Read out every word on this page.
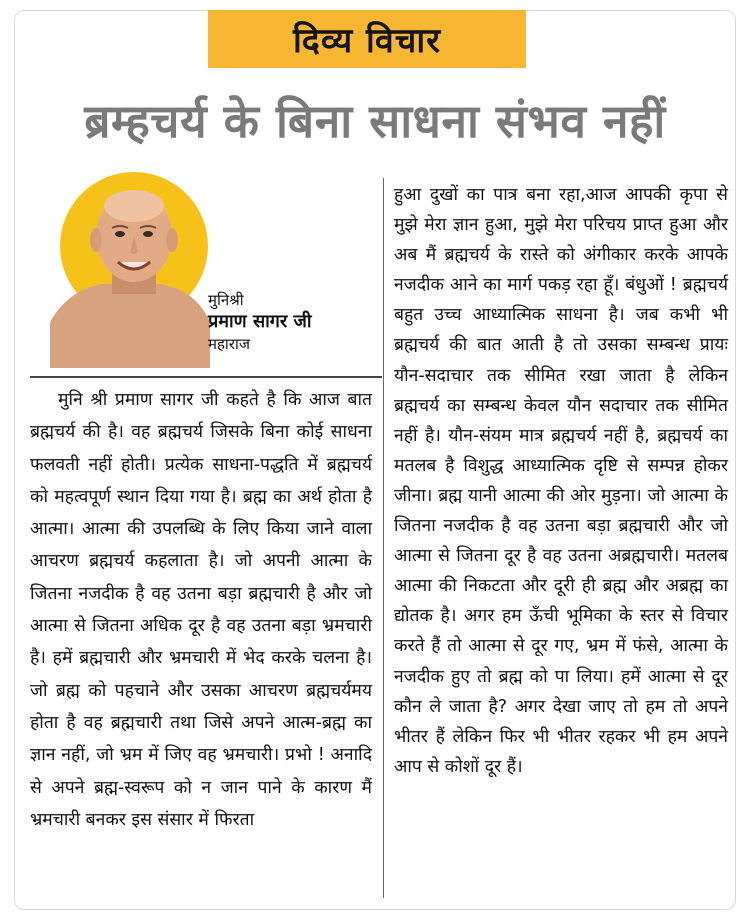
दिव्य विचार
ब्रम्हचर्य के बिना साधना संभव नहीं
मुनिश्री
प्रमाण सागर जी
महाराज

मुनि श्री प्रमाण सागर जी कहते है कि आज बात ब्रह्मचर्य की है। वह ब्रह्मचर्य जिसके बिना कोई साधना फलवती नहीं होती। प्रत्येक साधना-पद्धति में ब्रह्मचर्य को महत्वपूर्ण स्थान दिया गया है। ब्रह्म का अर्थ होता है आत्मा। आत्मा की उपलब्धि के लिए किया जाने वाला आचरण ब्रह्मचर्य कहलाता है। जो अपनी आत्मा के जितना नजदीक है वह उतना बड़ा ब्रह्मचारी है और जो आत्मा से जितना अधिक दूर है वह उतना बड़ा भ्रमचारी है। हमें ब्रह्मचारी और भ्रमचारी में भेद करके चलना है। जो ब्रह्म को पहचाने और उसका आचरण ब्रह्मचर्यमय होता है वह ब्रह्मचारी तथा जिसे अपने आत्म-ब्रह्म का ज्ञान नहीं, जो भ्रम में जिए वह भ्रमचारी। प्रभो ! अनादि से अपने ब्रह्म-स्वरूप को न जान पाने के कारण मैं भ्रमचारी बनकर इस संसार में फिरता

हुआ दुखों का पात्र बना रहा,आज आपकी कृपा से मुझे मेरा ज्ञान हुआ, मुझे मेरा परिचय प्राप्त हुआ और अब मैं ब्रह्मचर्य के रास्ते को अंगीकार करके आपके नजदीक आने का मार्ग पकड़ रहा हूँ। बंधुओं ! ब्रह्मचर्य बहुत उच्च आध्यात्मिक साधना है। जब कभी भी ब्रह्मचर्य की बात आती है तो उसका सम्बन्ध प्रायः यौन-सदाचार तक सीमित रखा जाता है लेकिन ब्रह्मचर्य का सम्बन्ध केवल यौन सदाचार तक सीमित नहीं है। यौन-संयम मात्र ब्रह्मचर्य नहीं है, ब्रह्मचर्य का मतलब है विशुद्ध आध्यात्मिक दृष्टि से सम्पन्न होकर जीना। ब्रह्म यानी आत्मा की ओर मुड़ना। जो आत्मा के जितना नजदीक है वह उतना बड़ा ब्रह्मचारी और जो आत्मा से जितना दूर है वह उतना अब्रह्मचारी। मतलब आत्मा की निकटता और दूरी ही ब्रह्म और अब्रह्म का द्योतक है। अगर हम ऊँची भूमिका के स्तर से विचार करते हैं तो आत्मा से दूर गए, भ्रम में फंसे, आत्मा के नजदीक हुए तो ब्रह्म को पा लिया। हमें आत्मा से दूर कौन ले जाता है? अगर देखा जाए तो हम तो अपने भीतर हैं लेकिन फिर भी भीतर रहकर भी हम अपने आप से कोशों दूर हैं।
